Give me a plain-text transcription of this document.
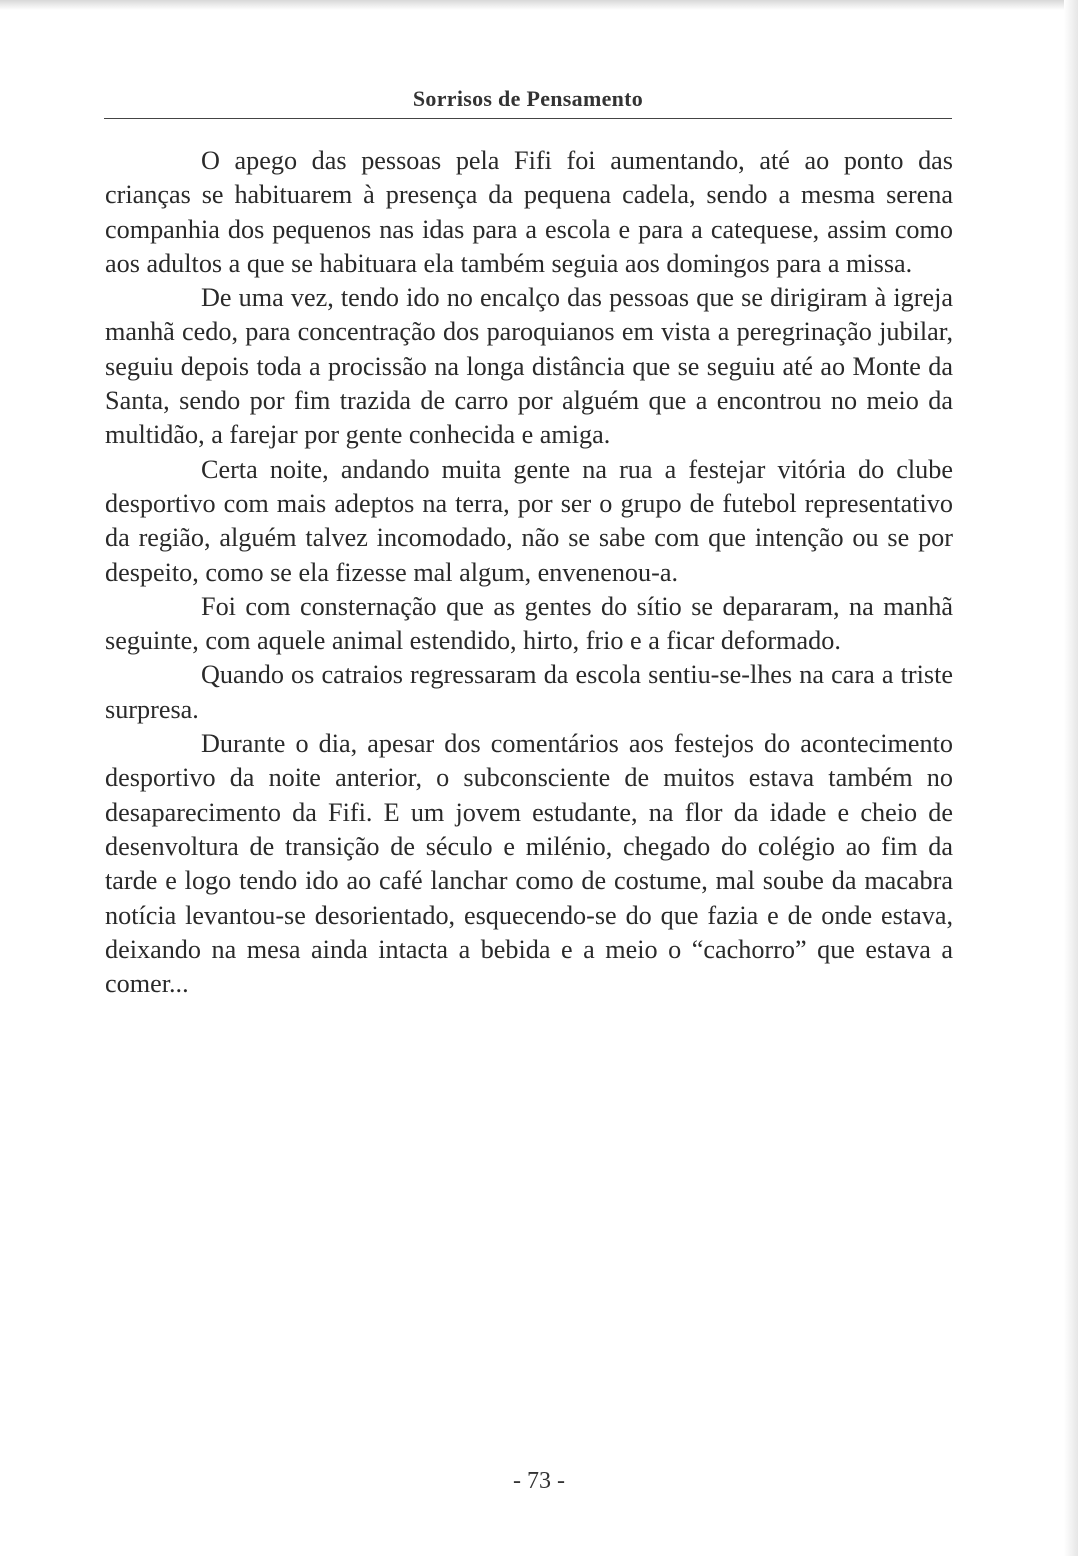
Sorrisos de Pensamento

O apego das pessoas pela Fifi foi aumentando, até ao ponto das crianças se habituarem à presença da pequena cadela, sendo a mesma serena companhia dos pequenos nas idas para a escola e para a catequese, assim como aos adultos a que se habituara ela também seguia aos domingos para a missa.

De uma vez, tendo ido no encalço das pessoas que se dirigiram à igreja manhã cedo, para concentração dos paroquianos em vista a peregrinação jubilar, seguiu depois toda a procissão na longa distância que se seguiu até ao Monte da Santa, sendo por fim trazida de carro por alguém que a encontrou no meio da multidão, a farejar por gente conhecida e amiga.

Certa noite, andando muita gente na rua a festejar vitória do clube desportivo com mais adeptos na terra, por ser o grupo de futebol representativo da região, alguém talvez incomodado, não se sabe com que intenção ou se por despeito, como se ela fizesse mal algum, envenenou-a.

Foi com consternação que as gentes do sítio se depararam, na manhã seguinte, com aquele animal estendido, hirto, frio e a ficar deformado.

Quando os catraios regressaram da escola sentiu-se-lhes na cara a triste surpresa.

Durante o dia, apesar dos comentários aos festejos do acontecimento desportivo da noite anterior, o subconsciente de muitos estava também no desaparecimento da Fifi. E um jovem estudante, na flor da idade e cheio de desenvoltura de transição de século e milénio, chegado do colégio ao fim da tarde e logo tendo ido ao café lanchar como de costume, mal soube da macabra notícia levantou-se desorientado, esquecendo-se do que fazia e de onde estava, deixando na mesa ainda intacta a bebida e a meio o “cachorro” que estava a comer...

- 73 -
